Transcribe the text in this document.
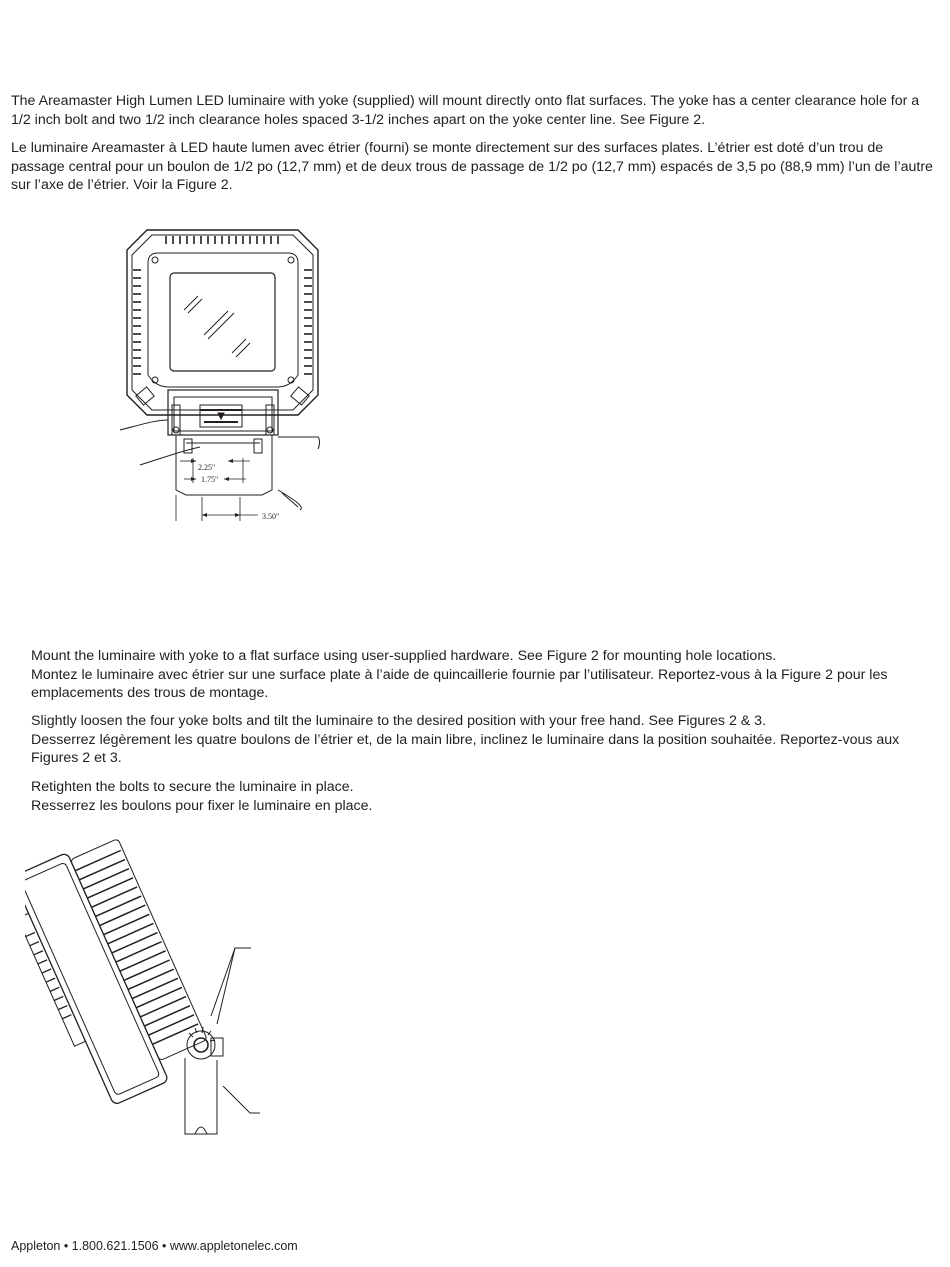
The Areamaster High Lumen LED luminaire with yoke (supplied) will mount directly onto flat surfaces. The yoke has a center clearance hole for a 1/2 inch bolt and two 1/2 inch clearance holes spaced 3-1/2 inches apart on the yoke center line. See Figure 2.

Le luminaire Areamaster à LED haute lumen avec étrier (fourni) se monte directement sur des surfaces plates. L’étrier est doté d’un trou de passage central pour un boulon de 1/2 po (12,7 mm) et de deux trous de passage de 1/2 po (12,7 mm) espacés de 3,5 po (88,9 mm) l’un de l’autre sur l’axe de l’étrier. Voir la Figure 2.

2.25"
1.75"
3.50"

Mount the luminaire with yoke to a flat surface using user-supplied hardware. See Figure 2 for mounting hole locations.

Montez le luminaire avec étrier sur une surface plate à l’aide de quincaillerie fournie par l’utilisateur. Reportez-vous à la Figure 2 pour les emplacements des trous de montage.

Slightly loosen the four yoke bolts and tilt the luminaire to the desired position with your free hand. See Figures 2 & 3.

Desserrez légèrement les quatre boulons de l’étrier et, de la main libre, inclinez le luminaire dans la position souhaitée. Reportez-vous aux Figures 2 et 3.

Retighten the bolts to secure the luminaire in place.

Resserrez les boulons pour fixer le luminaire en place.

Appleton • 1.800.621.1506 • www.appletonelec.com
